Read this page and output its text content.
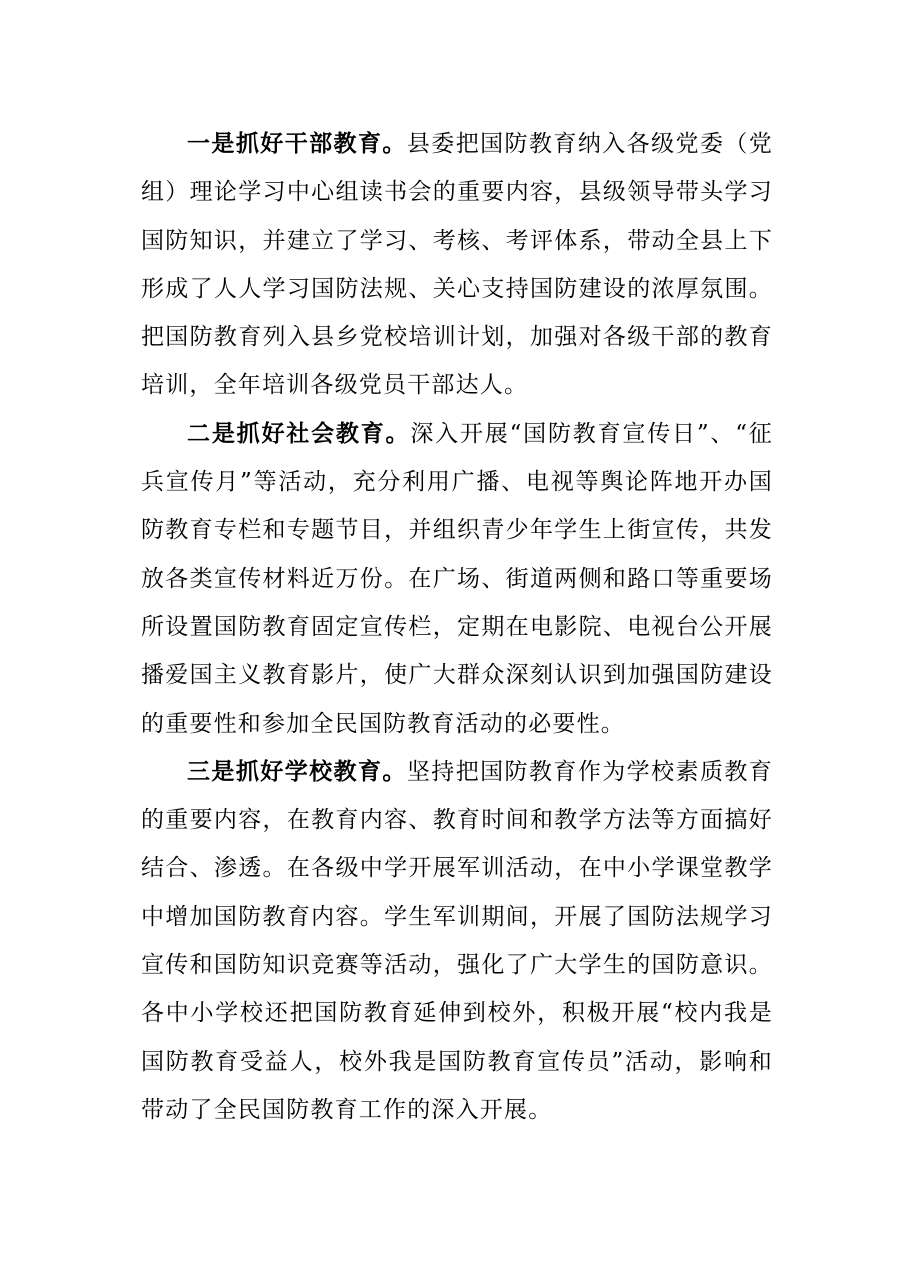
一是抓好干部教育。县委把国防教育纳入各级党委（党组）理论学习中心组读书会的重要内容，县级领导带头学习国防知识，并建立了学习、考核、考评体系，带动全县上下形成了人人学习国防法规、关心支持国防建设的浓厚氛围。把国防教育列入县乡党校培训计划，加强对各级干部的教育培训，全年培训各级党员干部达人。

二是抓好社会教育。深入开展“国防教育宣传日”、“征兵宣传月”等活动，充分利用广播、电视等舆论阵地开办国防教育专栏和专题节目，并组织青少年学生上街宣传，共发放各类宣传材料近万份。在广场、街道两侧和路口等重要场所设置国防教育固定宣传栏，定期在电影院、电视台公开展播爱国主义教育影片，使广大群众深刻认识到加强国防建设的重要性和参加全民国防教育活动的必要性。

三是抓好学校教育。坚持把国防教育作为学校素质教育的重要内容，在教育内容、教育时间和教学方法等方面搞好结合、渗透。在各级中学开展军训活动，在中小学课堂教学中增加国防教育内容。学生军训期间，开展了国防法规学习宣传和国防知识竞赛等活动，强化了广大学生的国防意识。各中小学校还把国防教育延伸到校外，积极开展“校内我是国防教育受益人，校外我是国防教育宣传员”活动，影响和带动了全民国防教育工作的深入开展。
